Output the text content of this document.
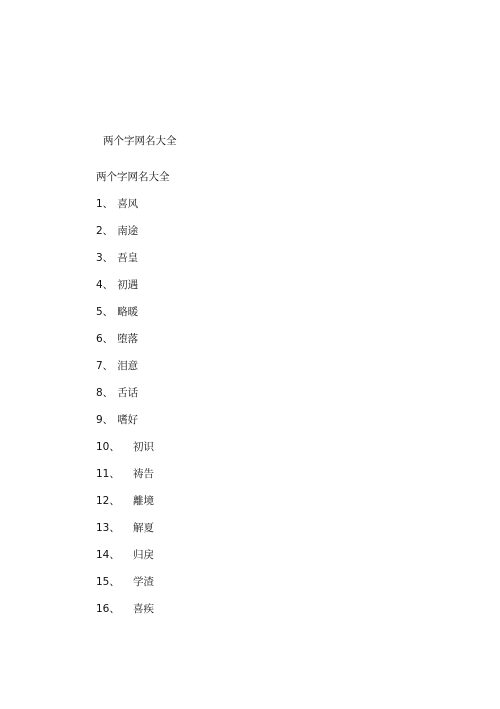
两个字网名大全
两个字网名大全
1、 喜风
2、 南途
3、 吾皇
4、 初遇
5、 略暖
6、 堕落
7、 泪意
8、 舌话
9、 嗜好
10、 初识
11、 祷告
12、 離境
13、 解夏
14、 归戾
15、 学渣
16、 喜疾
